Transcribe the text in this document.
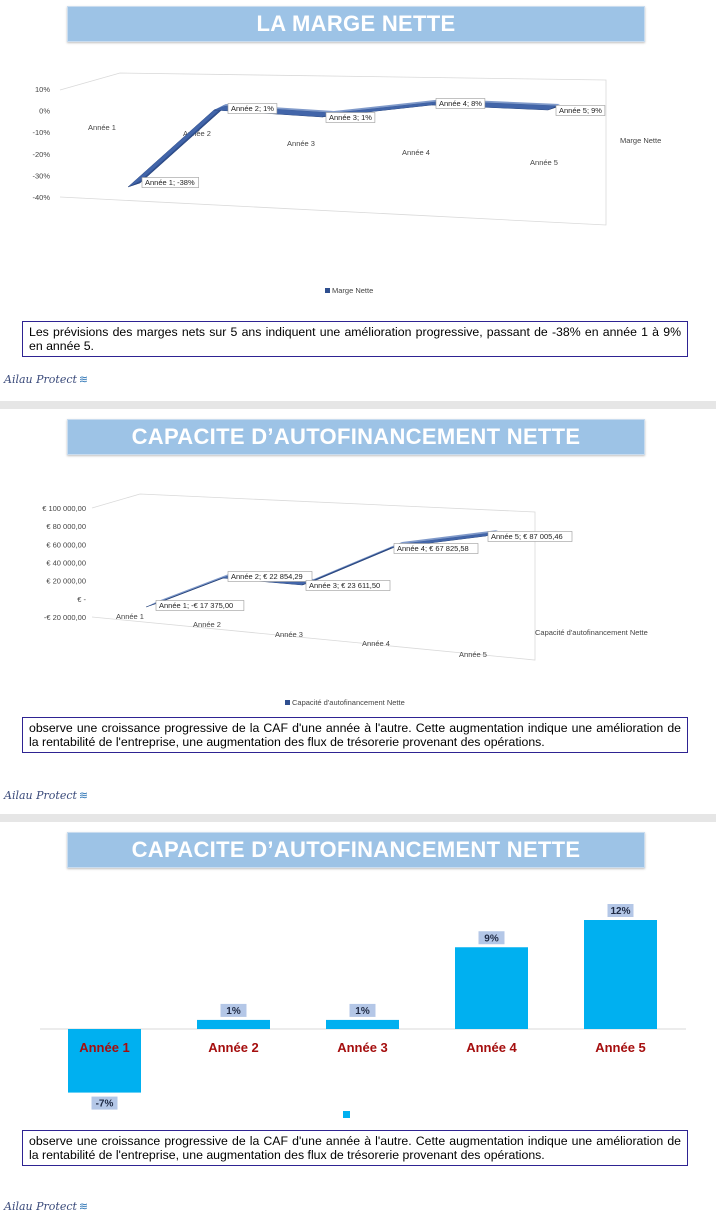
LA MARGE NETTE
10%
0%
-10%
-20%
-30%
-40%
Année 1
Année 2
Année 3
Année 4
Année 5
Année 1; -38%
Année 2; 1%
Année 3; 1%
Année 4; 8%
Année 5; 9%
Marge Nette
Marge Nette
Les prévisions des marges nets sur 5 ans indiquent une amélioration progressive, passant de -38% en année 1 à 9% en année 5.
Ailau Protect ≋
CAPACITE D’AUTOFINANCEMENT NETTE
€ 100 000,00
€ 80 000,00
€ 60 000,00
€ 40 000,00
€ 20 000,00
€ -
-€ 20 000,00	Année 1
Année 2
Année 3
Année 4
Année 5
Année 1; -€ 17 375,00
Année 2; € 22 854,29
Année 3; € 23 611,50
Année 4; € 67 825,58
Année 5; € 87 005,46
Capacité d'autofinancement Nette
Capacité d'autofinancement Nette
observe une croissance progressive de la CAF d'une année à l'autre. Cette augmentation indique une amélioration de la rentabilité de l'entreprise, une augmentation des flux de trésorerie provenant des opérations.
Ailau Protect ≋
CAPACITE D’AUTOFINANCEMENT NETTE
-7%
Année 1
1%
Année 2
1%
Année 3
9%
Année 4
12%
Année 5
observe une croissance progressive de la CAF d'une année à l'autre. Cette augmentation indique une amélioration de la rentabilité de l'entreprise, une augmentation des flux de trésorerie provenant des opérations.
Ailau Protect ≋
